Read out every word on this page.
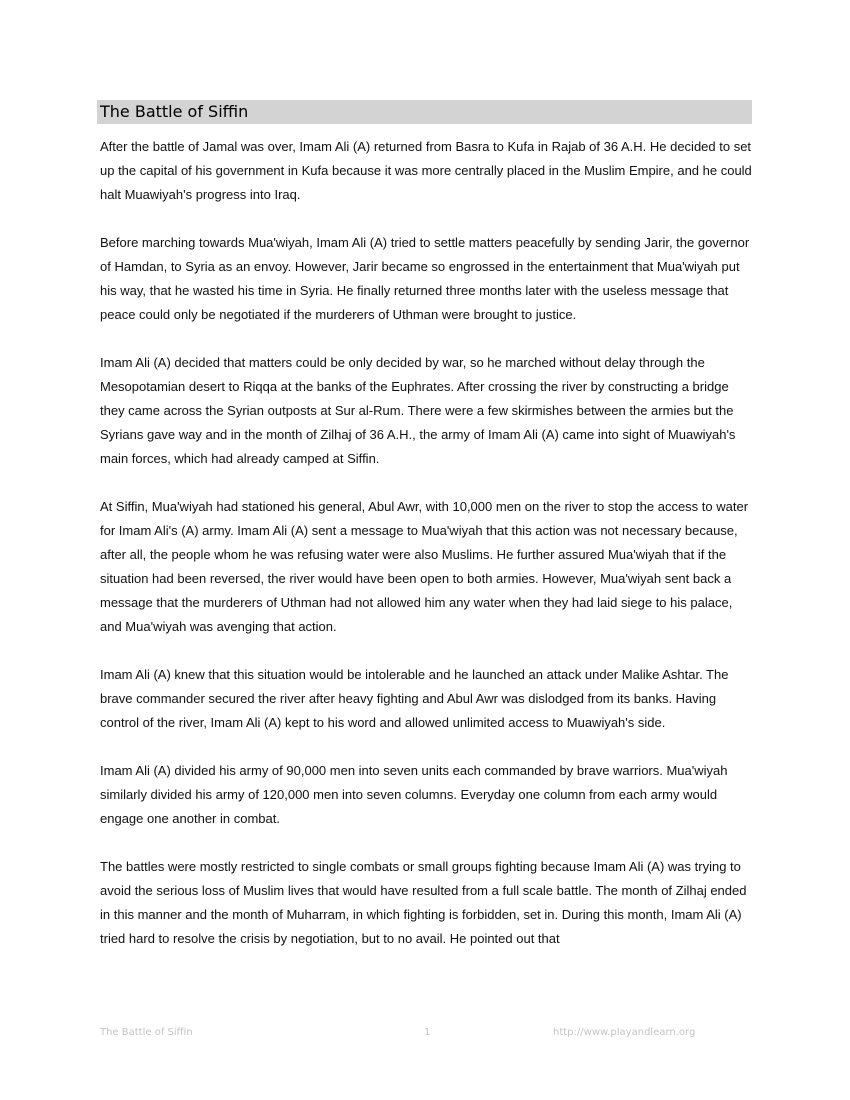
The Battle of Siffin

After the battle of Jamal was over, Imam Ali (A) returned from Basra to Kufa in Rajab of 36 A.H. He decided to set up the capital of his government in Kufa because it was more centrally placed in the Muslim Empire, and he could halt Muawiyah's progress into Iraq.

Before marching towards Mua'wiyah, Imam Ali (A) tried to settle matters peacefully by sending Jarir, the governor of Hamdan, to Syria as an envoy. However, Jarir became so engrossed in the entertainment that Mua'wiyah put his way, that he wasted his time in Syria. He finally returned three months later with the useless message that peace could only be negotiated if the murderers of Uthman were brought to justice.

Imam Ali (A) decided that matters could be only decided by war, so he marched without delay through the Mesopotamian desert to Riqqa at the banks of the Euphrates. After crossing the river by constructing a bridge they came across the Syrian outposts at Sur al-Rum. There were a few skirmishes between the armies but the Syrians gave way and in the month of Zilhaj of 36 A.H., the army of Imam Ali (A) came into sight of Muawiyah's main forces, which had already camped at Siffin.

At Siffin, Mua'wiyah had stationed his general, Abul Awr, with 10,000 men on the river to stop the access to water for Imam Ali's (A) army. Imam Ali (A) sent a message to Mua'wiyah that this action was not necessary because, after all, the people whom he was refusing water were also Muslims. He further assured Mua'wiyah that if the situation had been reversed, the river would have been open to both armies. However, Mua'wiyah sent back a message that the murderers of Uthman had not allowed him any water when they had laid siege to his palace, and Mua'wiyah was avenging that action.

Imam Ali (A) knew that this situation would be intolerable and he launched an attack under Malike Ashtar. The brave commander secured the river after heavy fighting and Abul Awr was dislodged from its banks. Having control of the river, Imam Ali (A) kept to his word and allowed unlimited access to Muawiyah's side.

Imam Ali (A) divided his army of 90,000 men into seven units each commanded by brave warriors. Mua'wiyah similarly divided his army of 120,000 men into seven columns. Everyday one column from each army would engage one another in combat.

The battles were mostly restricted to single combats or small groups fighting because Imam Ali (A) was trying to avoid the serious loss of Muslim lives that would have resulted from a full scale battle. The month of Zilhaj ended in this manner and the month of Muharram, in which fighting is forbidden, set in. During this month, Imam Ali (A) tried hard to resolve the crisis by negotiation, but to no avail. He pointed out that

The Battle of Siffin	1	http://www.playandlearn.org
